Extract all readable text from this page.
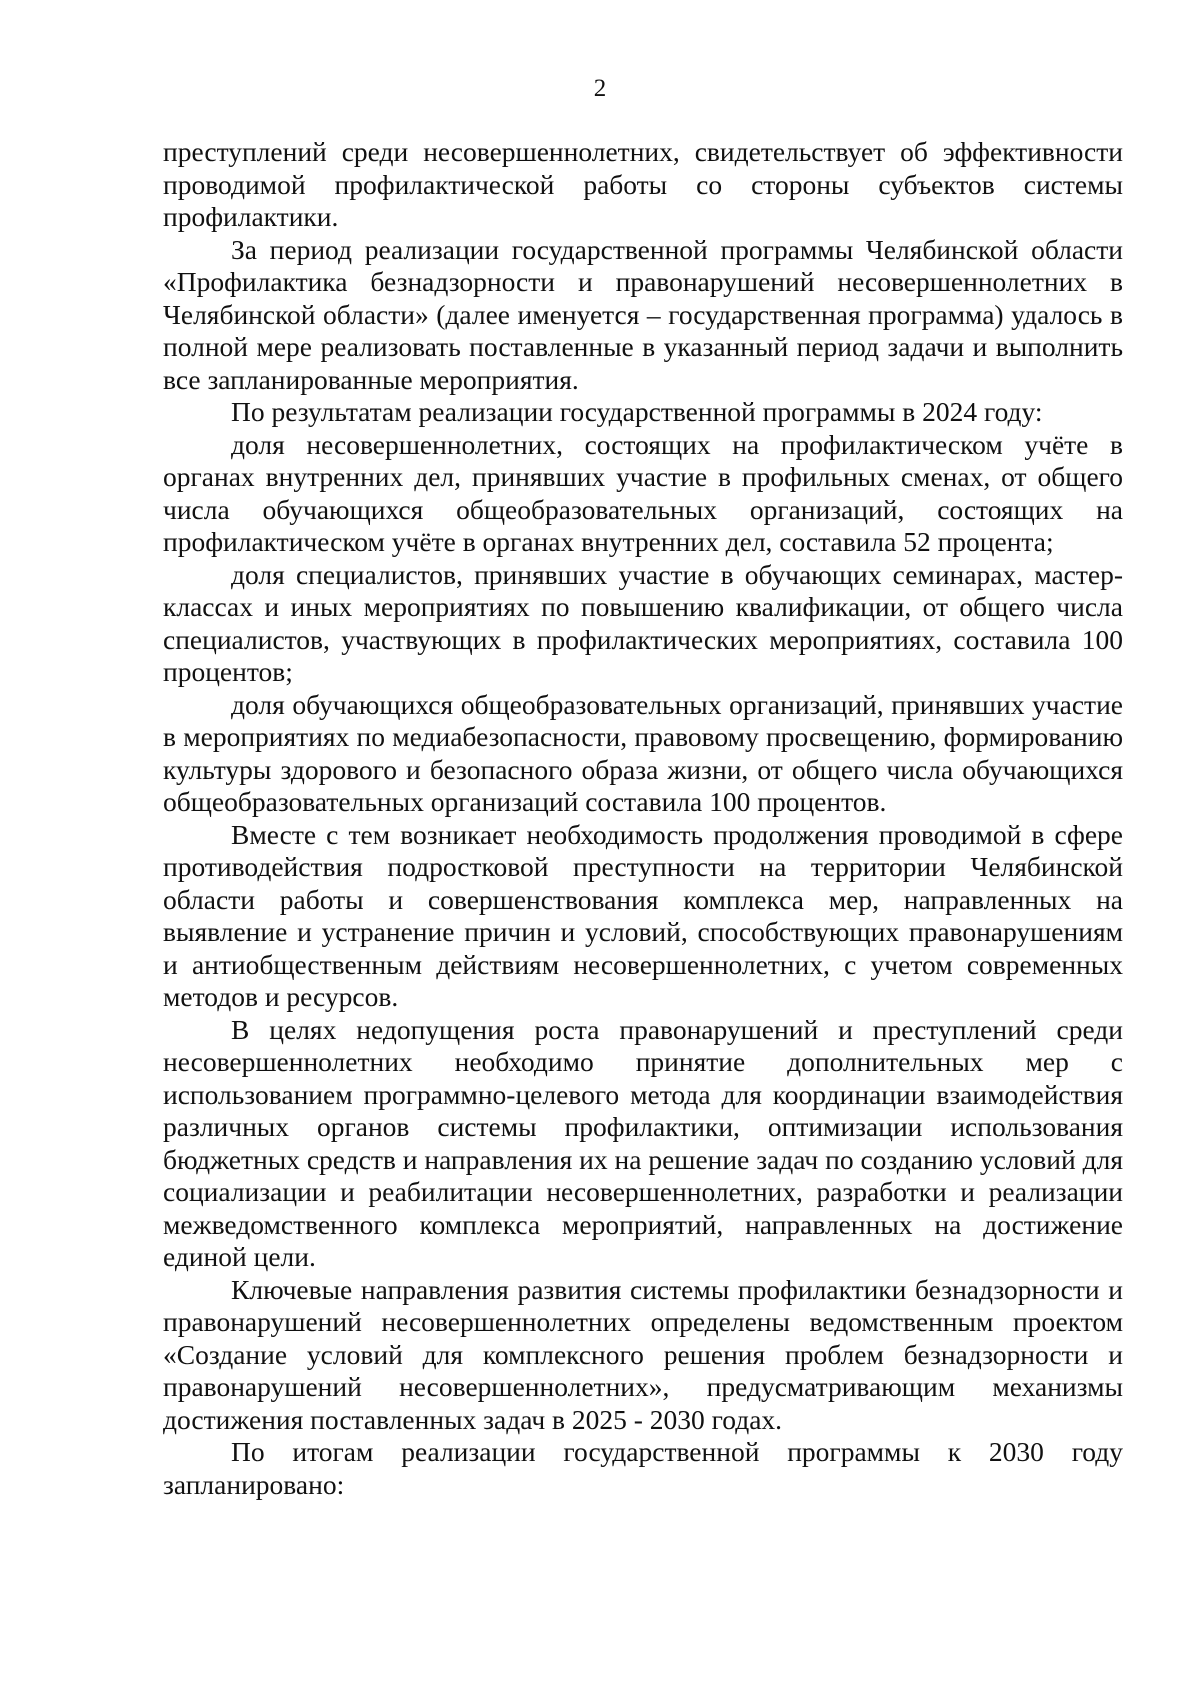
2

преступлений среди несовершеннолетних, свидетельствует об эффективности проводимой профилактической работы со стороны субъектов системы профилактики.

За период реализации государственной программы Челябинской области «Профилактика безнадзорности и правонарушений несовершеннолетних в Челябинской области» (далее именуется – государственная программа) удалось в полной мере реализовать поставленные в указанный период задачи и выполнить все запланированные мероприятия.

По результатам реализации государственной программы в 2024 году:

доля несовершеннолетних, состоящих на профилактическом учёте в органах внутренних дел, принявших участие в профильных сменах, от общего числа обучающихся общеобразовательных организаций, состоящих на профилактическом учёте в органах внутренних дел, составила 52 процента;

доля специалистов, принявших участие в обучающих семинарах, мастер-классах и иных мероприятиях по повышению квалификации, от общего числа специалистов, участвующих в профилактических мероприятиях, составила 100 процентов;

доля обучающихся общеобразовательных организаций, принявших участие в мероприятиях по медиабезопасности, правовому просвещению, формированию культуры здорового и безопасного образа жизни, от общего числа обучающихся общеобразовательных организаций составила 100 процентов.

Вместе с тем возникает необходимость продолжения проводимой в сфере противодействия подростковой преступности на территории Челябинской области работы и совершенствования комплекса мер, направленных на выявление и устранение причин и условий, способствующих правонарушениям и антиобщественным действиям несовершеннолетних, с учетом современных методов и ресурсов.

В целях недопущения роста правонарушений и преступлений среди несовершеннолетних необходимо принятие дополнительных мер с использованием программно-целевого метода для координации взаимодействия различных органов системы профилактики, оптимизации использования бюджетных средств и направления их на решение задач по созданию условий для социализации и реабилитации несовершеннолетних, разработки и реализации межведомственного комплекса мероприятий, направленных на достижение единой цели.

Ключевые направления развития системы профилактики безнадзорности и правонарушений несовершеннолетних определены ведомственным проектом «Создание условий для комплексного решения проблем безнадзорности и правонарушений несовершеннолетних», предусматривающим механизмы достижения поставленных задач в 2025 - 2030 годах.

По итогам реализации государственной программы к 2030 году запланировано:
